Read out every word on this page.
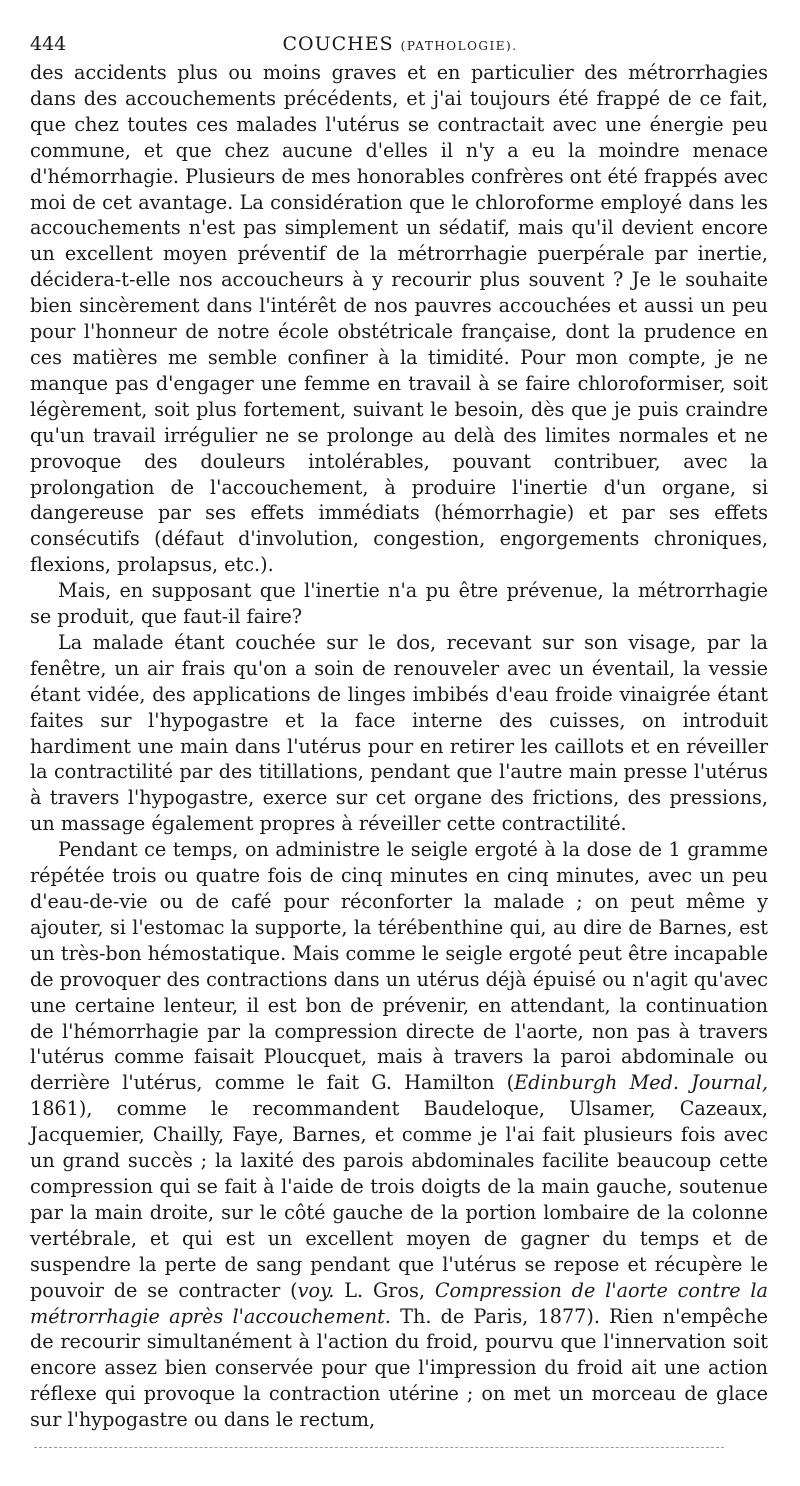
444	COUCHES (PATHOLOGIE).

des accidents plus ou moins graves et en particulier des métrorrhagies dans des accouchements précédents, et j'ai toujours été frappé de ce fait, que chez toutes ces malades l'utérus se contractait avec une énergie peu commune, et que chez aucune d'elles il n'y a eu la moindre menace d'hémorrhagie. Plusieurs de mes honorables confrères ont été frappés avec moi de cet avantage. La considération que le chloroforme employé dans les accouchements n'est pas simplement un sédatif, mais qu'il devient encore un excellent moyen préventif de la métrorrhagie puerpérale par inertie, décidera-t-elle nos accoucheurs à y recourir plus souvent ? Je le souhaite bien sincèrement dans l'intérêt de nos pauvres accouchées et aussi un peu pour l'honneur de notre école obstétricale française, dont la prudence en ces matières me semble confiner à la timidité. Pour mon compte, je ne manque pas d'engager une femme en travail à se faire chloroformiser, soit légèrement, soit plus fortement, suivant le besoin, dès que je puis craindre qu'un travail irrégulier ne se prolonge au delà des limites normales et ne provoque des douleurs intolérables, pouvant contribuer, avec la prolongation de l'accouchement, à produire l'inertie d'un organe, si dangereuse par ses effets immédiats (hémorrhagie) et par ses effets consécutifs (défaut d'involution, congestion, engorgements chroniques, flexions, prolapsus, etc.).

Mais, en supposant que l'inertie n'a pu être prévenue, la métrorrhagie se produit, que faut-il faire?

La malade étant couchée sur le dos, recevant sur son visage, par la fenêtre, un air frais qu'on a soin de renouveler avec un éventail, la vessie étant vidée, des applications de linges imbibés d'eau froide vinaigrée étant faites sur l'hypogastre et la face interne des cuisses, on introduit hardiment une main dans l'utérus pour en retirer les caillots et en réveiller la contractilité par des titillations, pendant que l'autre main presse l'utérus à travers l'hypogastre, exerce sur cet organe des frictions, des pressions, un massage également propres à réveiller cette contractilité.

Pendant ce temps, on administre le seigle ergoté à la dose de 1 gramme répétée trois ou quatre fois de cinq minutes en cinq minutes, avec un peu d'eau-de-vie ou de café pour réconforter la malade ; on peut même y ajouter, si l'estomac la supporte, la térébenthine qui, au dire de Barnes, est un très-bon hémostatique. Mais comme le seigle ergoté peut être incapable de provoquer des contractions dans un utérus déjà épuisé ou n'agit qu'avec une certaine lenteur, il est bon de prévenir, en attendant, la continuation de l'hémorrhagie par la compression directe de l'aorte, non pas à travers l'utérus comme faisait Ploucquet, mais à travers la paroi abdominale ou derrière l'utérus, comme le fait G. Hamilton (Edinburgh Med. Journal, 1861), comme le recommandent Baudeloque, Ulsamer, Cazeaux, Jacquemier, Chailly, Faye, Barnes, et comme je l'ai fait plusieurs fois avec un grand succès ; la laxité des parois abdominales facilite beaucoup cette compression qui se fait à l'aide de trois doigts de la main gauche, soutenue par la main droite, sur le côté gauche de la portion lombaire de la colonne vertébrale, et qui est un excellent moyen de gagner du temps et de suspendre la perte de sang pendant que l'utérus se repose et récupère le pouvoir de se contracter (voy. L. Gros, Compression de l'aorte contre la métrorrhagie après l'accouchement. Th. de Paris, 1877). Rien n'empêche de recourir simultanément à l'action du froid, pourvu que l'innervation soit encore assez bien conservée pour que l'impression du froid ait une action réflexe qui provoque la contraction utérine ; on met un morceau de glace sur l'hypogastre ou dans le rectum,
